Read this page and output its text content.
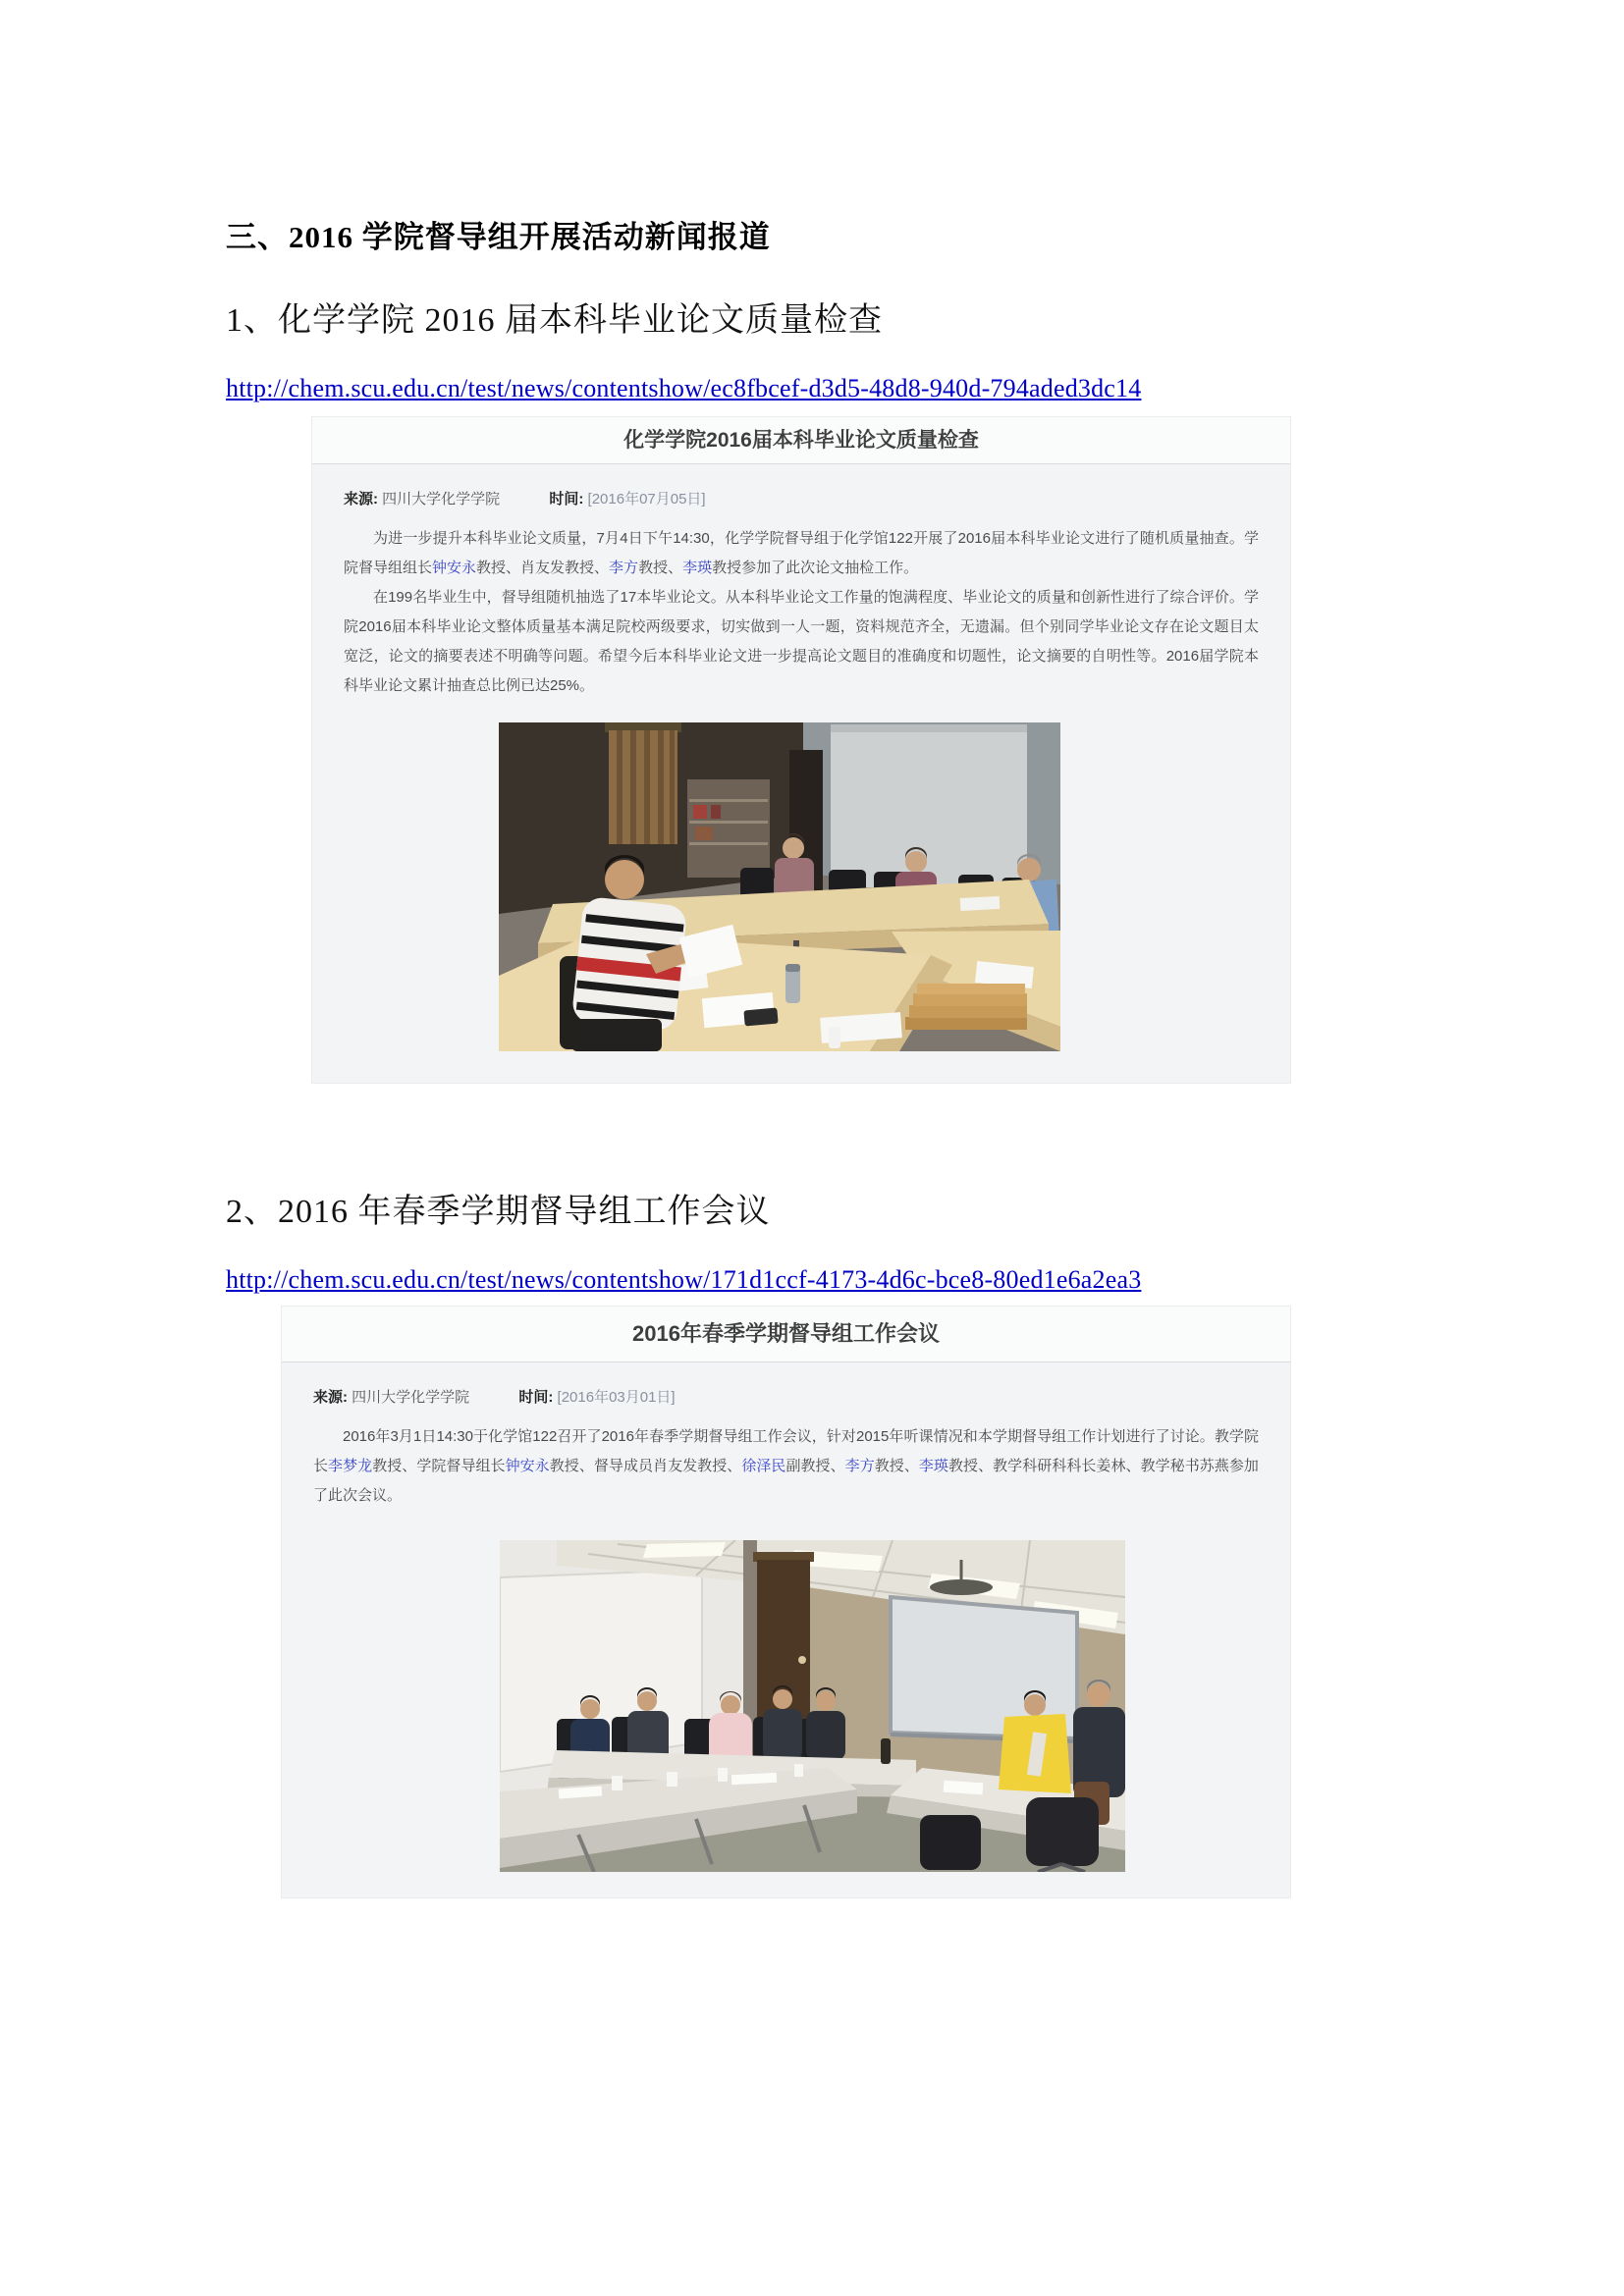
三、2016 学院督导组开展活动新闻报道
1、化学学院 2016 届本科毕业论文质量检查
http://chem.scu.edu.cn/test/news/contentshow/ec8fbcef-d3d5-48d8-940d-794aded3dc14
化学学院2016届本科毕业论文质量检查
来源: 四川大学化学学院	时间: [2016年07月05日]

为进一步提升本科毕业论文质量，7月4日下午14:30，化学学院督导组于化学馆122开展了2016届本科毕业论文进行了随机质量抽查。学院督导组组长钟安永教授、肖友发教授、李方教授、李瑛教授参加了此次论文抽检工作。

在199名毕业生中，督导组随机抽选了17本毕业论文。从本科毕业论文工作量的饱满程度、毕业论文的质量和创新性进行了综合评价。学院2016届本科毕业论文整体质量基本满足院校两级要求，切实做到一人一题，资料规范齐全，无遗漏。但个别同学毕业论文存在论文题目太宽泛，论文的摘要表述不明确等问题。希望今后本科毕业论文进一步提高论文题目的准确度和切题性，论文摘要的自明性等。2016届学院本科毕业论文累计抽查总比例已达25%。

2、2016 年春季学期督导组工作会议
http://chem.scu.edu.cn/test/news/contentshow/171d1ccf-4173-4d6c-bce8-80ed1e6a2ea3
2016年春季学期督导组工作会议
来源: 四川大学化学学院	时间: [2016年03月01日]

2016年3月1日14:30于化学馆122召开了2016年春季学期督导组工作会议，针对2015年听课情况和本学期督导组工作计划进行了讨论。教学院长李梦龙教授、学院督导组长钟安永教授、督导成员肖友发教授、徐泽民副教授、李方教授、李瑛教授、教学科研科科长姜林、教学秘书苏燕参加了此次会议。
